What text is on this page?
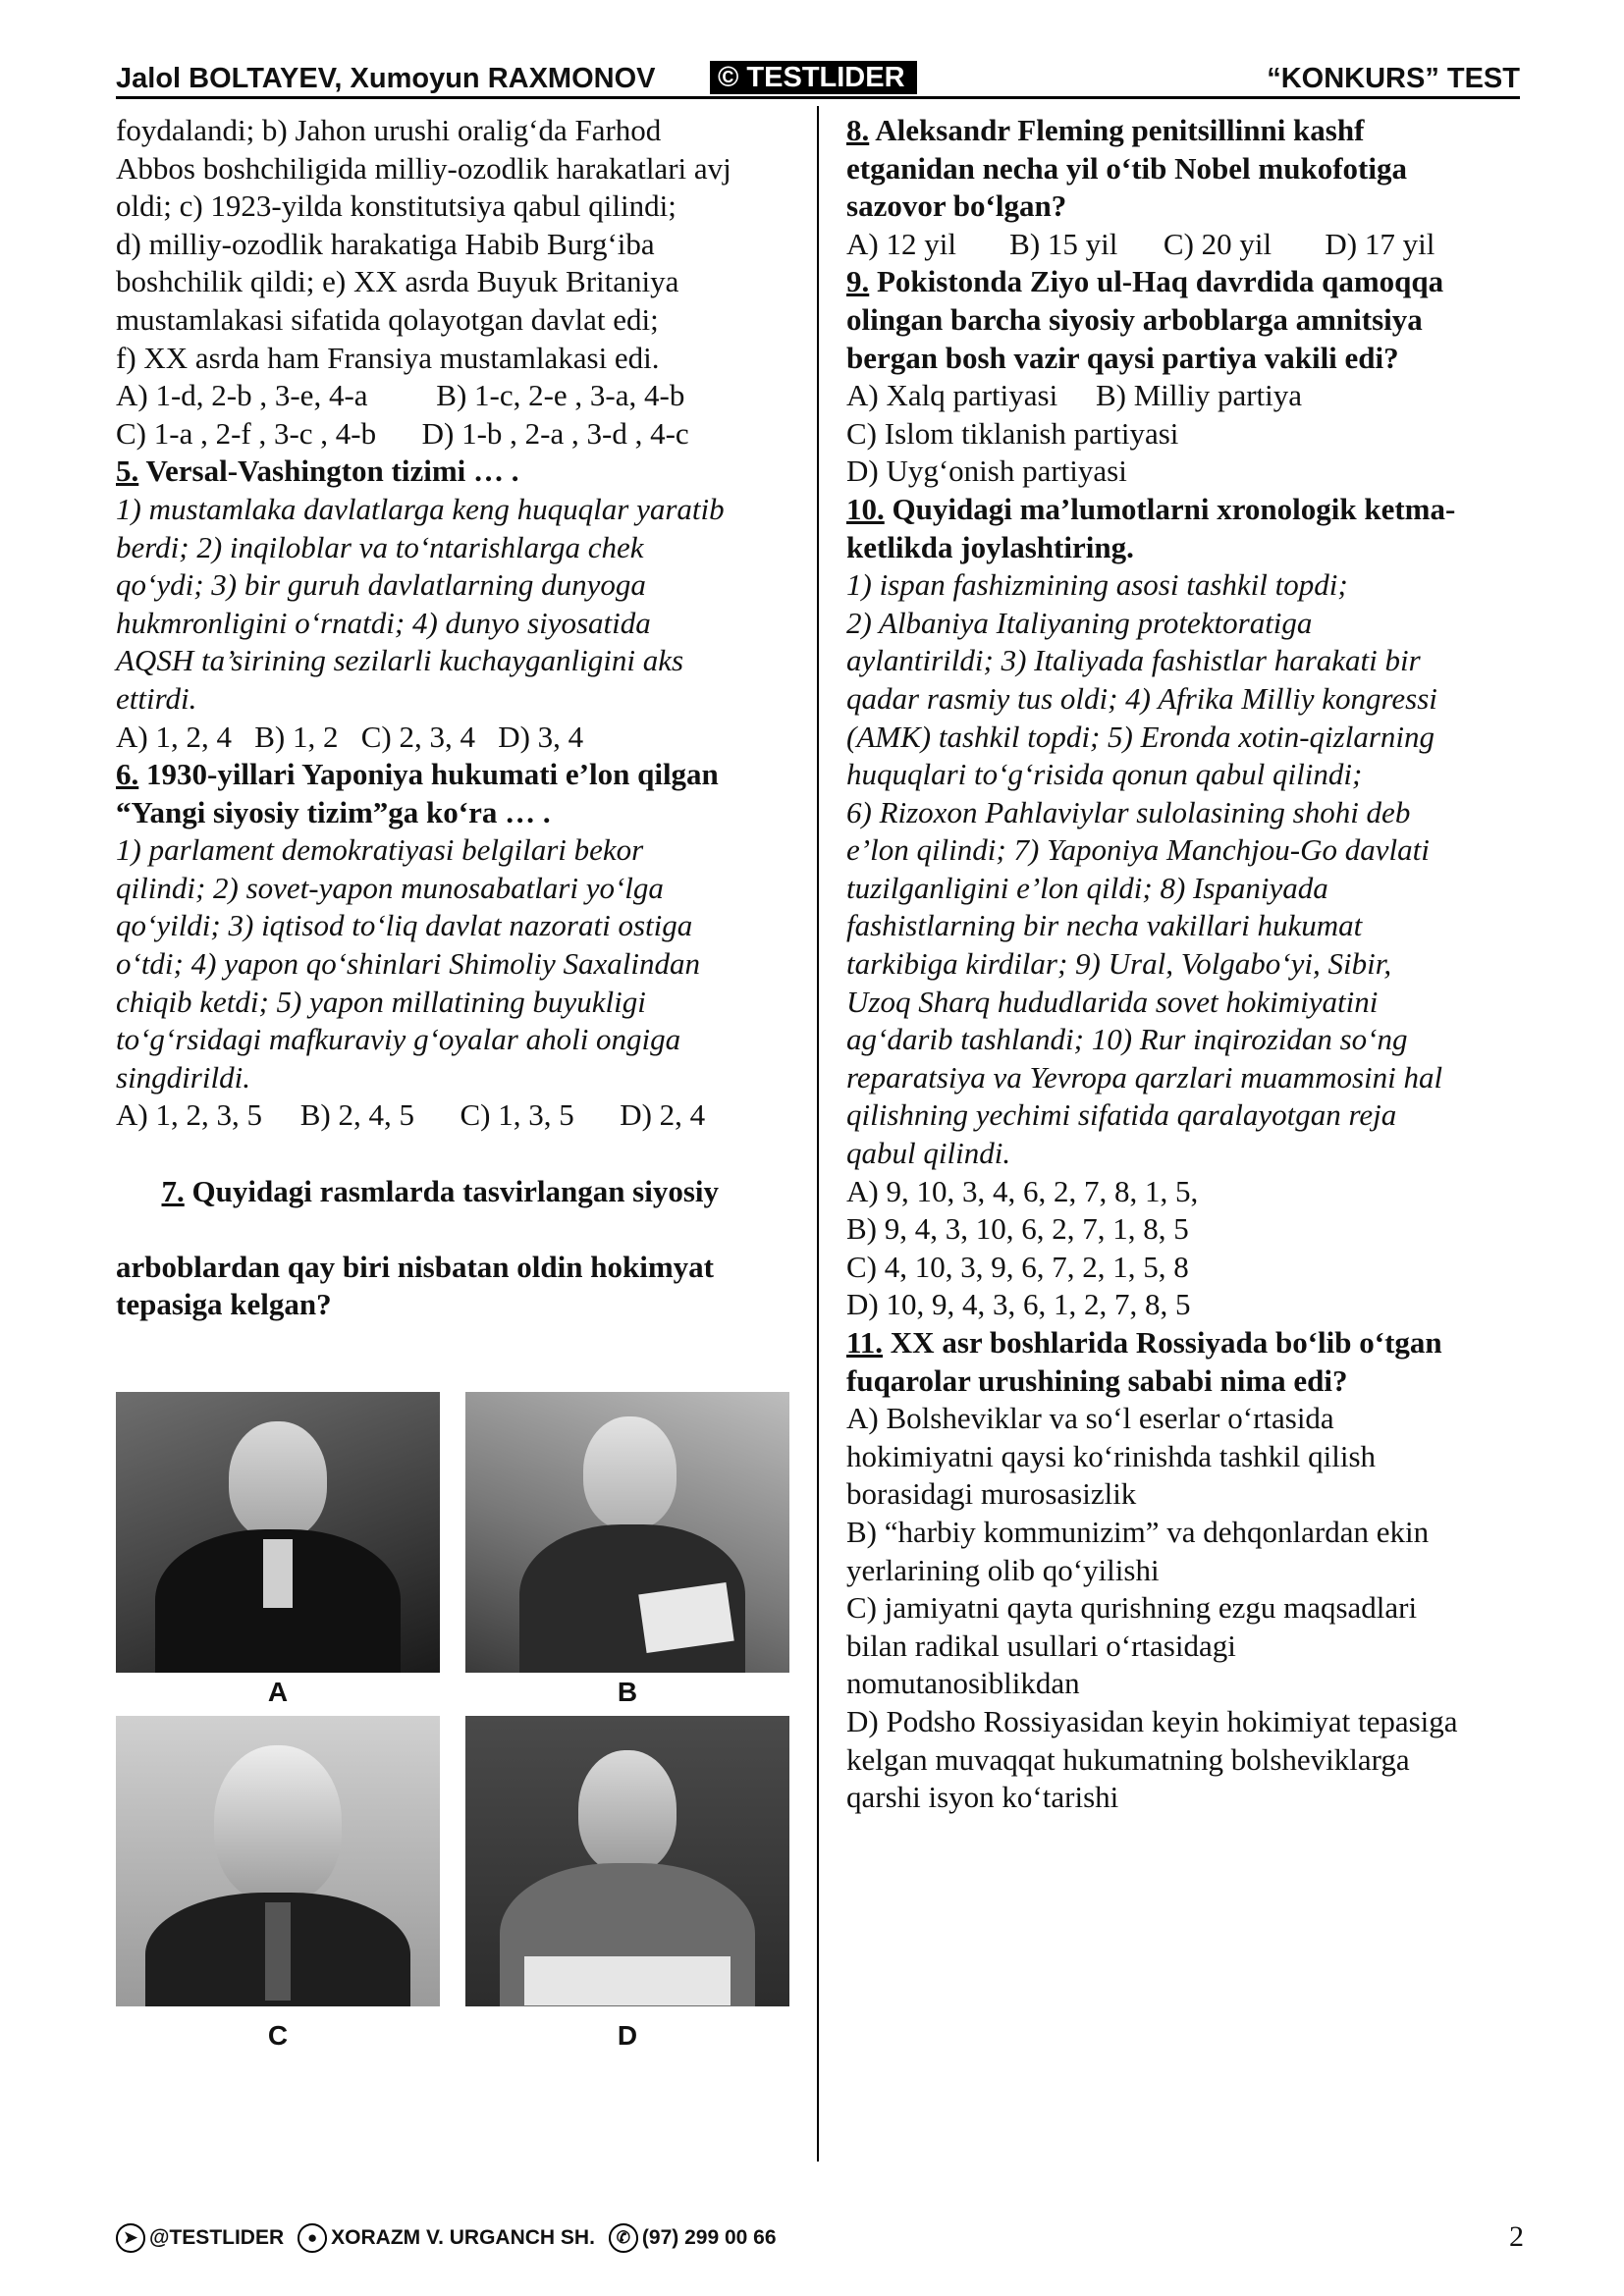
Jalol BOLTAYEV, Xumoyun RAXMONOV © TESTLIDER	“KONKURS” TEST

foydalandi; b) Jahon urushi oralig‘da Farhod

Abbos boshchiligida milliy-ozodlik harakatlari avj

oldi; c) 1923-yilda konstitutsiya qabul qilindi;

d) milliy-ozodlik harakatiga Habib Burg‘iba

boshchilik qildi; e) XX asrda Buyuk Britaniya

mustamlakasi sifatida qolayotgan davlat edi;

f) XX asrda ham Fransiya mustamlakasi edi.

A) 1-d, 2-b , 3-e, 4-a         B) 1-c, 2-e , 3-a, 4-b

C) 1-a , 2-f , 3-c , 4-b      D) 1-b , 2-a , 3-d , 4-c

5. Versal-Vashington tizimi … .

1) mustamlaka davlatlarga keng huquqlar yaratib

berdi; 2) inqiloblar va to‘ntarishlarga chek

qo‘ydi; 3) bir guruh davlatlarning dunyoga

hukmronligini o‘rnatdi; 4) dunyo siyosatida

AQSH ta’sirining sezilarli kuchayganligini aks

ettirdi.

A) 1, 2, 4   B) 1, 2   C) 2, 3, 4   D) 3, 4

6. 1930-yillari Yaponiya hukumati e’lon qilgan

“Yangi siyosiy tizim”ga ko‘ra … .

1) parlament demokratiyasi belgilari bekor

qilindi; 2) sovet-yapon munosabatlari yo‘lga

qo‘yildi; 3) iqtisod to‘liq davlat nazorati ostiga

o‘tdi; 4) yapon qo‘shinlari Shimoliy Saxalindan

chiqib ketdi; 5) yapon millatining buyukligi

to‘g‘rsidagi mafkuraviy g‘oyalar aholi ongiga

singdirildi.

A) 1, 2, 3, 5     B) 2, 4, 5      C) 1, 3, 5      D) 2, 4

7. Quyidagi rasmlarda tasvirlangan siyosiy

arboblardan qay biri nisbatan oldin hokimyat

tepasiga kelgan?

A	B
C	D

8. Aleksandr Fleming penitsillinni kashf

etganidan necha yil o‘tib Nobel mukofotiga

sazovor bo‘lgan?

A) 12 yil       B) 15 yil      C) 20 yil       D) 17 yil

9. Pokistonda Ziyo ul-Haq davrdida qamoqqa

olingan barcha siyosiy arboblarga amnitsiya

bergan bosh vazir qaysi partiya vakili edi?

A) Xalq partiyasi     B) Milliy partiya

C) Islom tiklanish partiyasi

D) Uyg‘onish partiyasi

10. Quyidagi ma’lumotlarni xronologik ketma-

ketlikda joylashtiring.

1) ispan fashizmining asosi tashkil topdi;

2) Albaniya Italiyaning protektoratiga

aylantirildi; 3) Italiyada fashistlar harakati bir

qadar rasmiy tus oldi; 4) Afrika Milliy kongressi

(AMK) tashkil topdi; 5) Eronda xotin-qizlarning

huquqlari to‘g‘risida qonun qabul qilindi;

6) Rizoxon Pahlaviylar sulolasining shohi deb

e’lon qilindi; 7) Yaponiya Manchjou-Go davlati

tuzilganligini e’lon qildi; 8) Ispaniyada

fashistlarning bir necha vakillari hukumat

tarkibiga kirdilar; 9) Ural, Volgabo‘yi, Sibir,

Uzoq Sharq hududlarida sovet hokimiyatini

ag‘darib tashlandi; 10) Rur inqirozidan so‘ng

reparatsiya va Yevropa qarzlari muammosini hal

qilishning yechimi sifatida qaralayotgan reja

qabul qilindi.

A) 9, 10, 3, 4, 6, 2, 7, 8, 1, 5,

B) 9, 4, 3, 10, 6, 2, 7, 1, 8, 5

C) 4, 10, 3, 9, 6, 7, 2, 1, 5, 8

D) 10, 9, 4, 3, 6, 1, 2, 7, 8, 5

11. XX asr boshlarida Rossiyada bo‘lib o‘tgan

fuqarolar urushining sababi nima edi?

A) Bolsheviklar va so‘l eserlar o‘rtasida

hokimiyatni qaysi ko‘rinishda tashkil qilish

borasidagi murosasizlik

B) “harbiy kommunizim” va dehqonlardan ekin

yerlarining olib qo‘yilishi

C) jamiyatni qayta qurishning ezgu maqsadlari

bilan radikal usullari o‘rtasidagi

nomutanosiblikdan

D) Podsho Rossiyasidan keyin hokimiyat tepasiga

kelgan muvaqqat hukumatning bolsheviklarga

qarshi isyon ko‘tarishi

➤ @TESTLIDER	● XORAZM V. URGANCH SH.	✆ (97) 299 00 66	2
